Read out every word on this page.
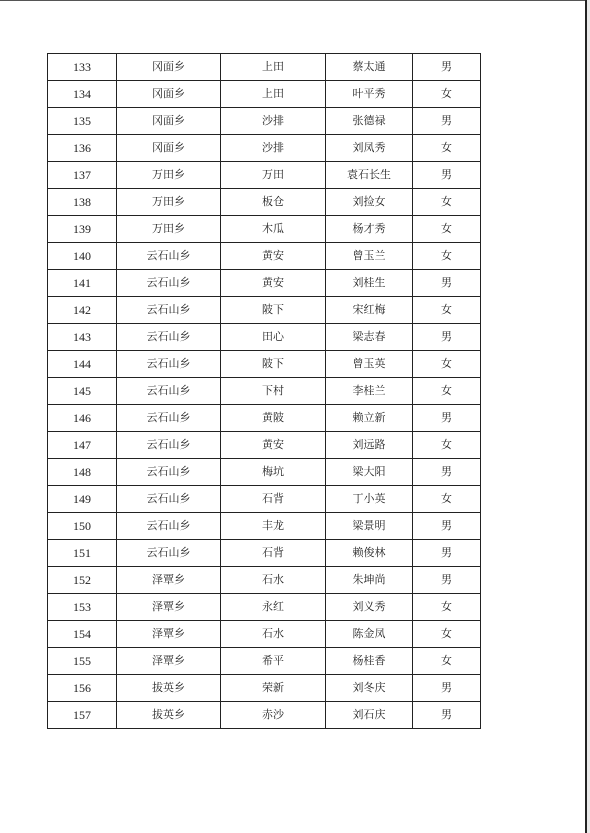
133	冈面乡	上田	蔡太通	男
134	冈面乡	上田	叶平秀	女
135	冈面乡	沙排	张德禄	男
136	冈面乡	沙排	刘凤秀	女
137	万田乡	万田	袁石长生	男
138	万田乡	板仓	刘捡女	女
139	万田乡	木瓜	杨才秀	女
140	云石山乡	黄安	曾玉兰	女
141	云石山乡	黄安	刘桂生	男
142	云石山乡	陂下	宋红梅	女
143	云石山乡	田心	梁志春	男
144	云石山乡	陂下	曾玉英	女
145	云石山乡	下村	李桂兰	女
146	云石山乡	黄陂	赖立新	男
147	云石山乡	黄安	刘远路	女
148	云石山乡	梅坑	梁大阳	男
149	云石山乡	石背	丁小英	女
150	云石山乡	丰龙	梁景明	男
151	云石山乡	石背	赖俊林	男
152	泽覃乡	石水	朱坤尚	男
153	泽覃乡	永红	刘义秀	女
154	泽覃乡	石水	陈金凤	女
155	泽覃乡	希平	杨桂香	女
156	拔英乡	荣新	刘冬庆	男
157	拔英乡	赤沙	刘石庆	男
